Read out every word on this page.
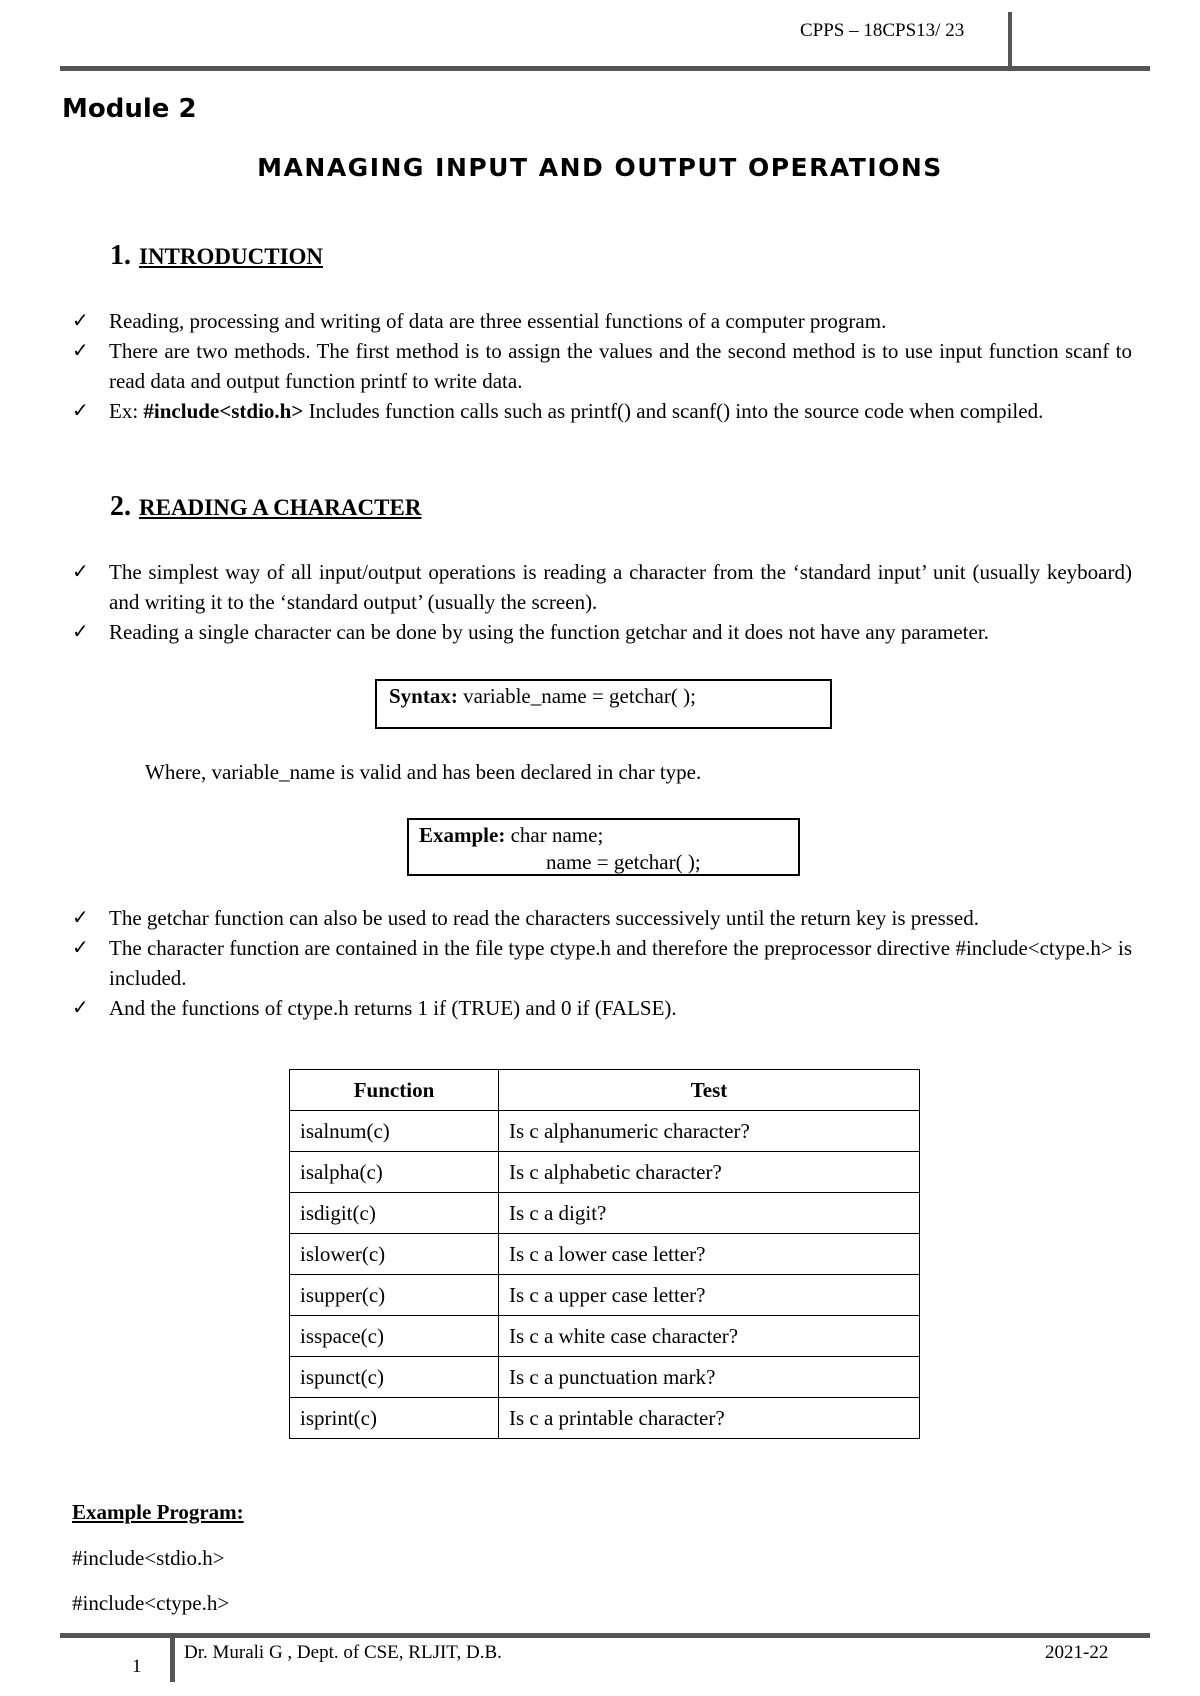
CPPS – 18CPS13/ 23
Module 2
MANAGING INPUT AND OUTPUT OPERATIONS
1. INTRODUCTION

✓ Reading, processing and writing of data are three essential functions of a computer program.

✓ There are two methods. The first method is to assign the values and the second method is to use input function scanf to read data and output function printf to write data.

✓ Ex: #include<stdio.h> Includes function calls such as printf() and scanf() into the source code when compiled.

2. READING A CHARACTER

✓ The simplest way of all input/output operations is reading a character from the ‘standard input’ unit (usually keyboard) and writing it to the ‘standard output’ (usually the screen).

✓ Reading a single character can be done by using the function getchar and it does not have any parameter.

Syntax: variable_name = getchar( );
Where, variable_name is valid and has been declared in char type.
Example: char name;
name = getchar( );

✓ The getchar function can also be used to read the characters successively until the return key is pressed.

✓ The character function are contained in the file type ctype.h and therefore the preprocessor directive #include<ctype.h> is included.

✓ And the functions of ctype.h returns 1 if (TRUE) and 0 if (FALSE).

Function	Test
isalnum(c)	Is c alphanumeric character?
isalpha(c)	Is c alphabetic character?
isdigit(c)	Is c a digit?
islower(c)	Is c a lower case letter?
isupper(c)	Is c a upper case letter?
isspace(c)	Is c a white case character?
ispunct(c)	Is c a punctuation mark?
isprint(c)	Is c a printable character?
Example Program:
#include<stdio.h>
#include<ctype.h>
1
Dr. Murali G , Dept. of CSE, RLJIT, D.B.	2021-22
